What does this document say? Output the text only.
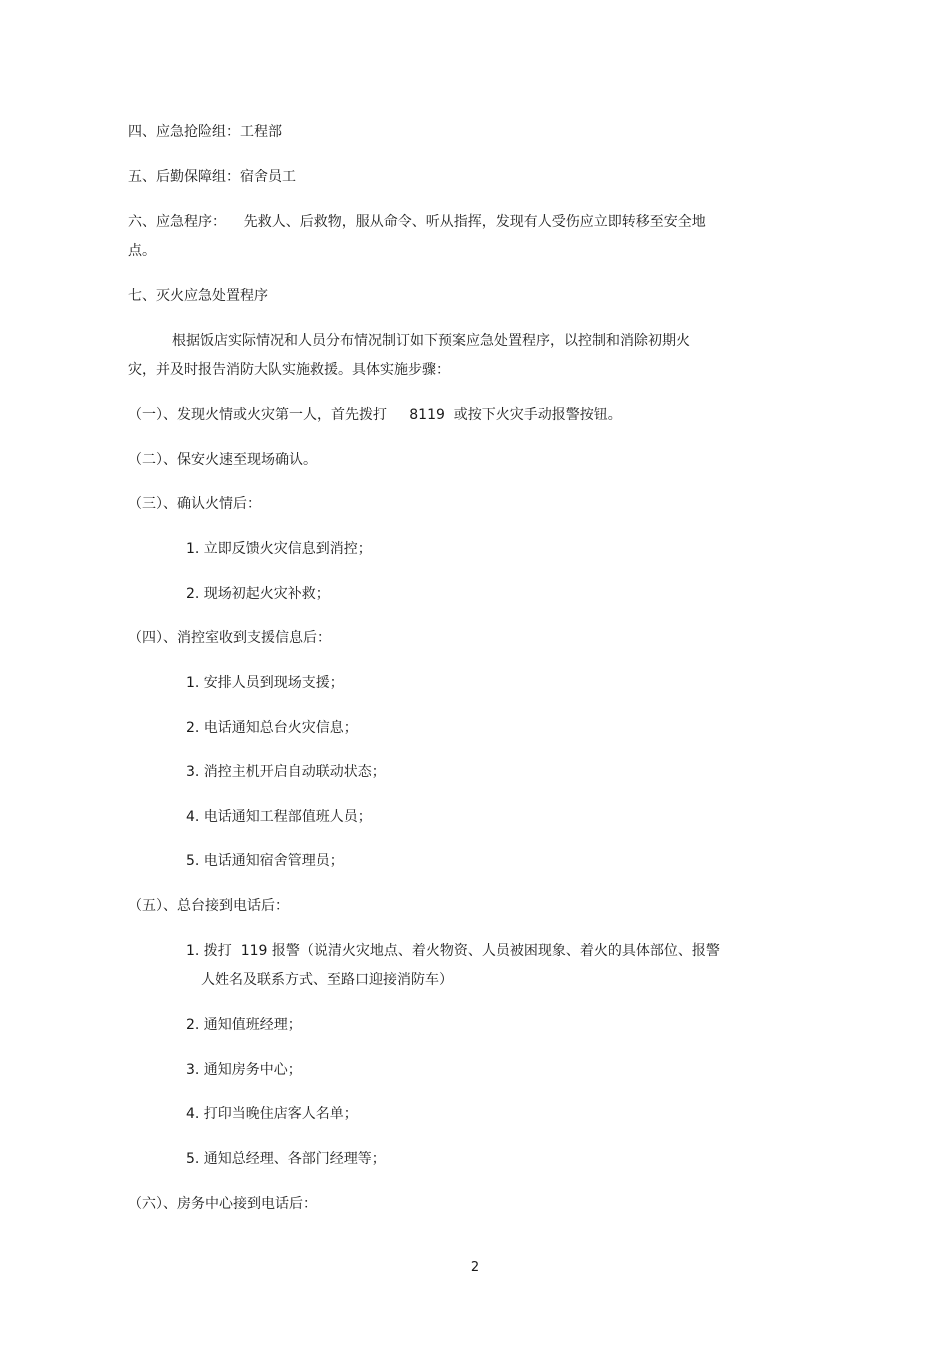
四、应急抢险组：工程部

五、后勤保障组：宿舍员工

六、应急程序：    先救人、后救物，服从命令、听从指挥，发现有人受伤应立即转移至安全地

点。

七、灭火应急处置程序

根据饭店实际情况和人员分布情况制订如下预案应急处置程序，以控制和消除初期火

灾，并及时报告消防大队实施救援。具体实施步骤：

（一）、发现火情或火灾第一人，首先拨打     8119  或按下火灾手动报警按钮。

（二）、保安火速至现场确认。

（三）、确认火情后：

1. 立即反馈火灾信息到消控；

2. 现场初起火灾补救；

（四）、消控室收到支援信息后：

1. 安排人员到现场支援；

2. 电话通知总台火灾信息；

3. 消控主机开启自动联动状态；

4. 电话通知工程部值班人员；

5. 电话通知宿舍管理员；

（五）、总台接到电话后：

1. 拨打  119 报警（说清火灾地点、着火物资、人员被困现象、着火的具体部位、报警

人姓名及联系方式、至路口迎接消防车）

2. 通知值班经理；

3. 通知房务中心；

4. 打印当晚住店客人名单；

5. 通知总经理、各部门经理等；

（六）、房务中心接到电话后：

2
